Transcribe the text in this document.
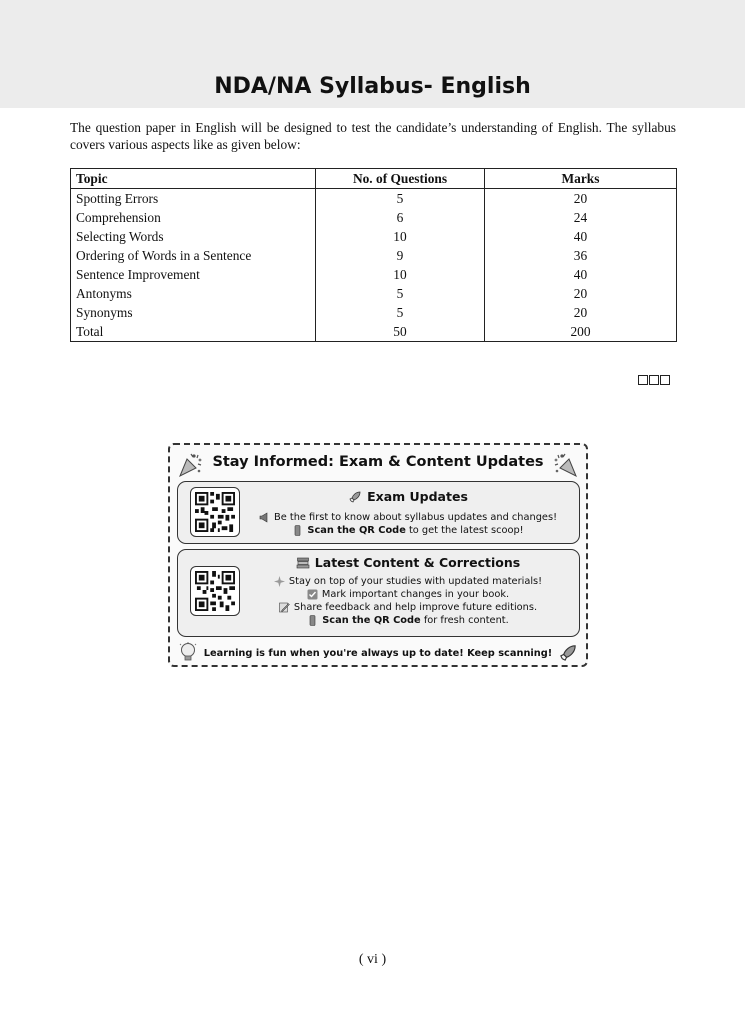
NDA/NA Syllabus- English

The question paper in English will be designed to test the candidate’s understanding of English. The syllabus covers various aspects like as given below:

Topic	No. of Questions	Marks
Spotting Errors	5	20
Comprehension	6	24
Selecting Words	10	40
Ordering of Words in a Sentence	9	36
Sentence Improvement	10	40
Antonyms	5	20
Synonyms	5	20
Total	50	200
Stay Informed: Exam & Content Updates
Exam Updates
Be the first to know about syllabus updates and changes!
Scan the QR Code to get the latest scoop!
Latest Content & Corrections
Stay on top of your studies with updated materials!
Mark important changes in your book.
Share feedback and help improve future editions.
Scan the QR Code for fresh content.
Learning is fun when you're always up to date! Keep scanning!
( vi )
